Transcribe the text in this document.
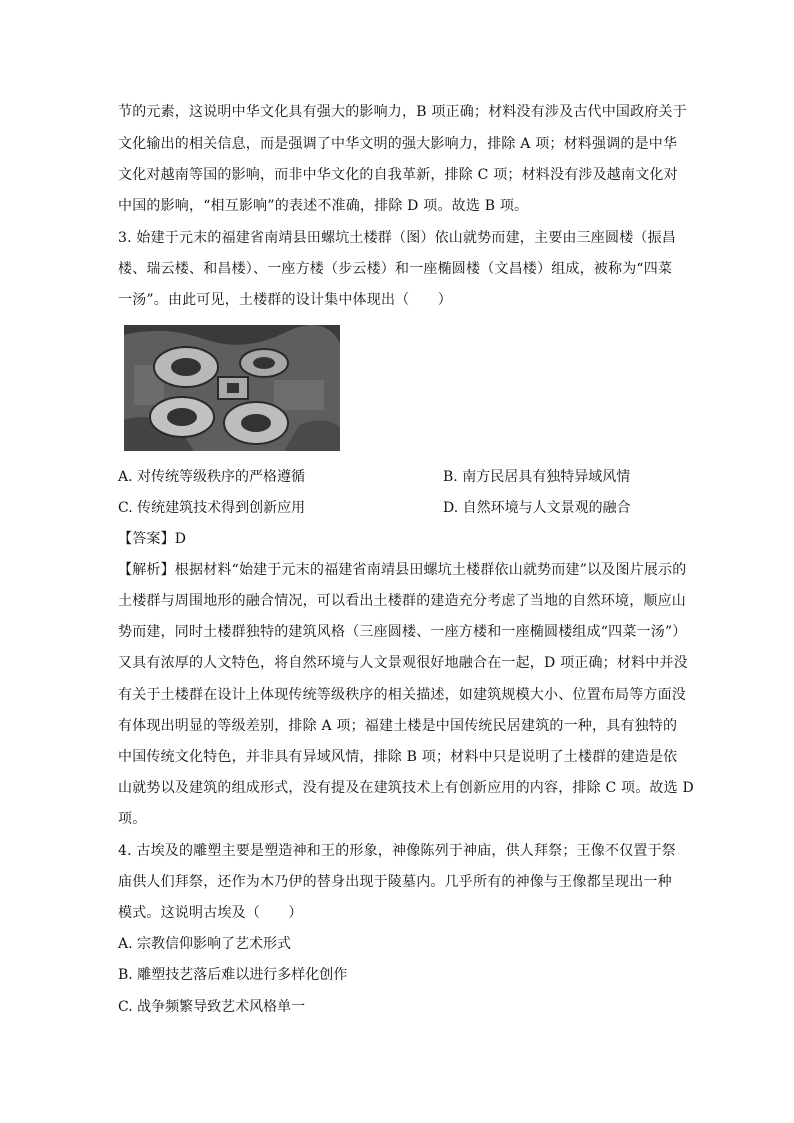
节的元素，这说明中华文化具有强大的影响力，B 项正确；材料没有涉及古代中国政府关于
文化输出的相关信息，而是强调了中华文明的强大影响力，排除 A 项；材料强调的是中华
文化对越南等国的影响，而非中华文化的自我革新，排除 C 项；材料没有涉及越南文化对
中国的影响，“相互影响”的表述不准确，排除 D 项。故选 B 项。
3. 始建于元末的福建省南靖县田螺坑土楼群（图）依山就势而建，主要由三座圆楼（振昌
楼、瑞云楼、和昌楼）、一座方楼（步云楼）和一座椭圆楼（文昌楼）组成，被称为“四菜
一汤”。由此可见，土楼群的设计集中体现出（　　）
A. 对传统等级秩序的严格遵循	B. 南方民居具有独特异域风情
C. 传统建筑技术得到创新应用	D. 自然环境与人文景观的融合
【答案】D
【解析】根据材料“始建于元末的福建省南靖县田螺坑土楼群依山就势而建”以及图片展示的
土楼群与周围地形的融合情况，可以看出土楼群的建造充分考虑了当地的自然环境，顺应山
势而建，同时土楼群独特的建筑风格（三座圆楼、一座方楼和一座椭圆楼组成“四菜一汤”）
又具有浓厚的人文特色，将自然环境与人文景观很好地融合在一起，D 项正确；材料中并没
有关于土楼群在设计上体现传统等级秩序的相关描述，如建筑规模大小、位置布局等方面没
有体现出明显的等级差别，排除 A 项；福建土楼是中国传统民居建筑的一种，具有独特的
中国传统文化特色，并非具有异域风情，排除 B 项；材料中只是说明了土楼群的建造是依
山就势以及建筑的组成形式，没有提及在建筑技术上有创新应用的内容，排除 C 项。故选 D
项。
4. 古埃及的雕塑主要是塑造神和王的形象，神像陈列于神庙，供人拜祭；王像不仅置于祭
庙供人们拜祭，还作为木乃伊的替身出现于陵墓内。几乎所有的神像与王像都呈现出一种
模式。这说明古埃及（　　）
A. 宗教信仰影响了艺术形式
B. 雕塑技艺落后难以进行多样化创作
C. 战争频繁导致艺术风格单一
